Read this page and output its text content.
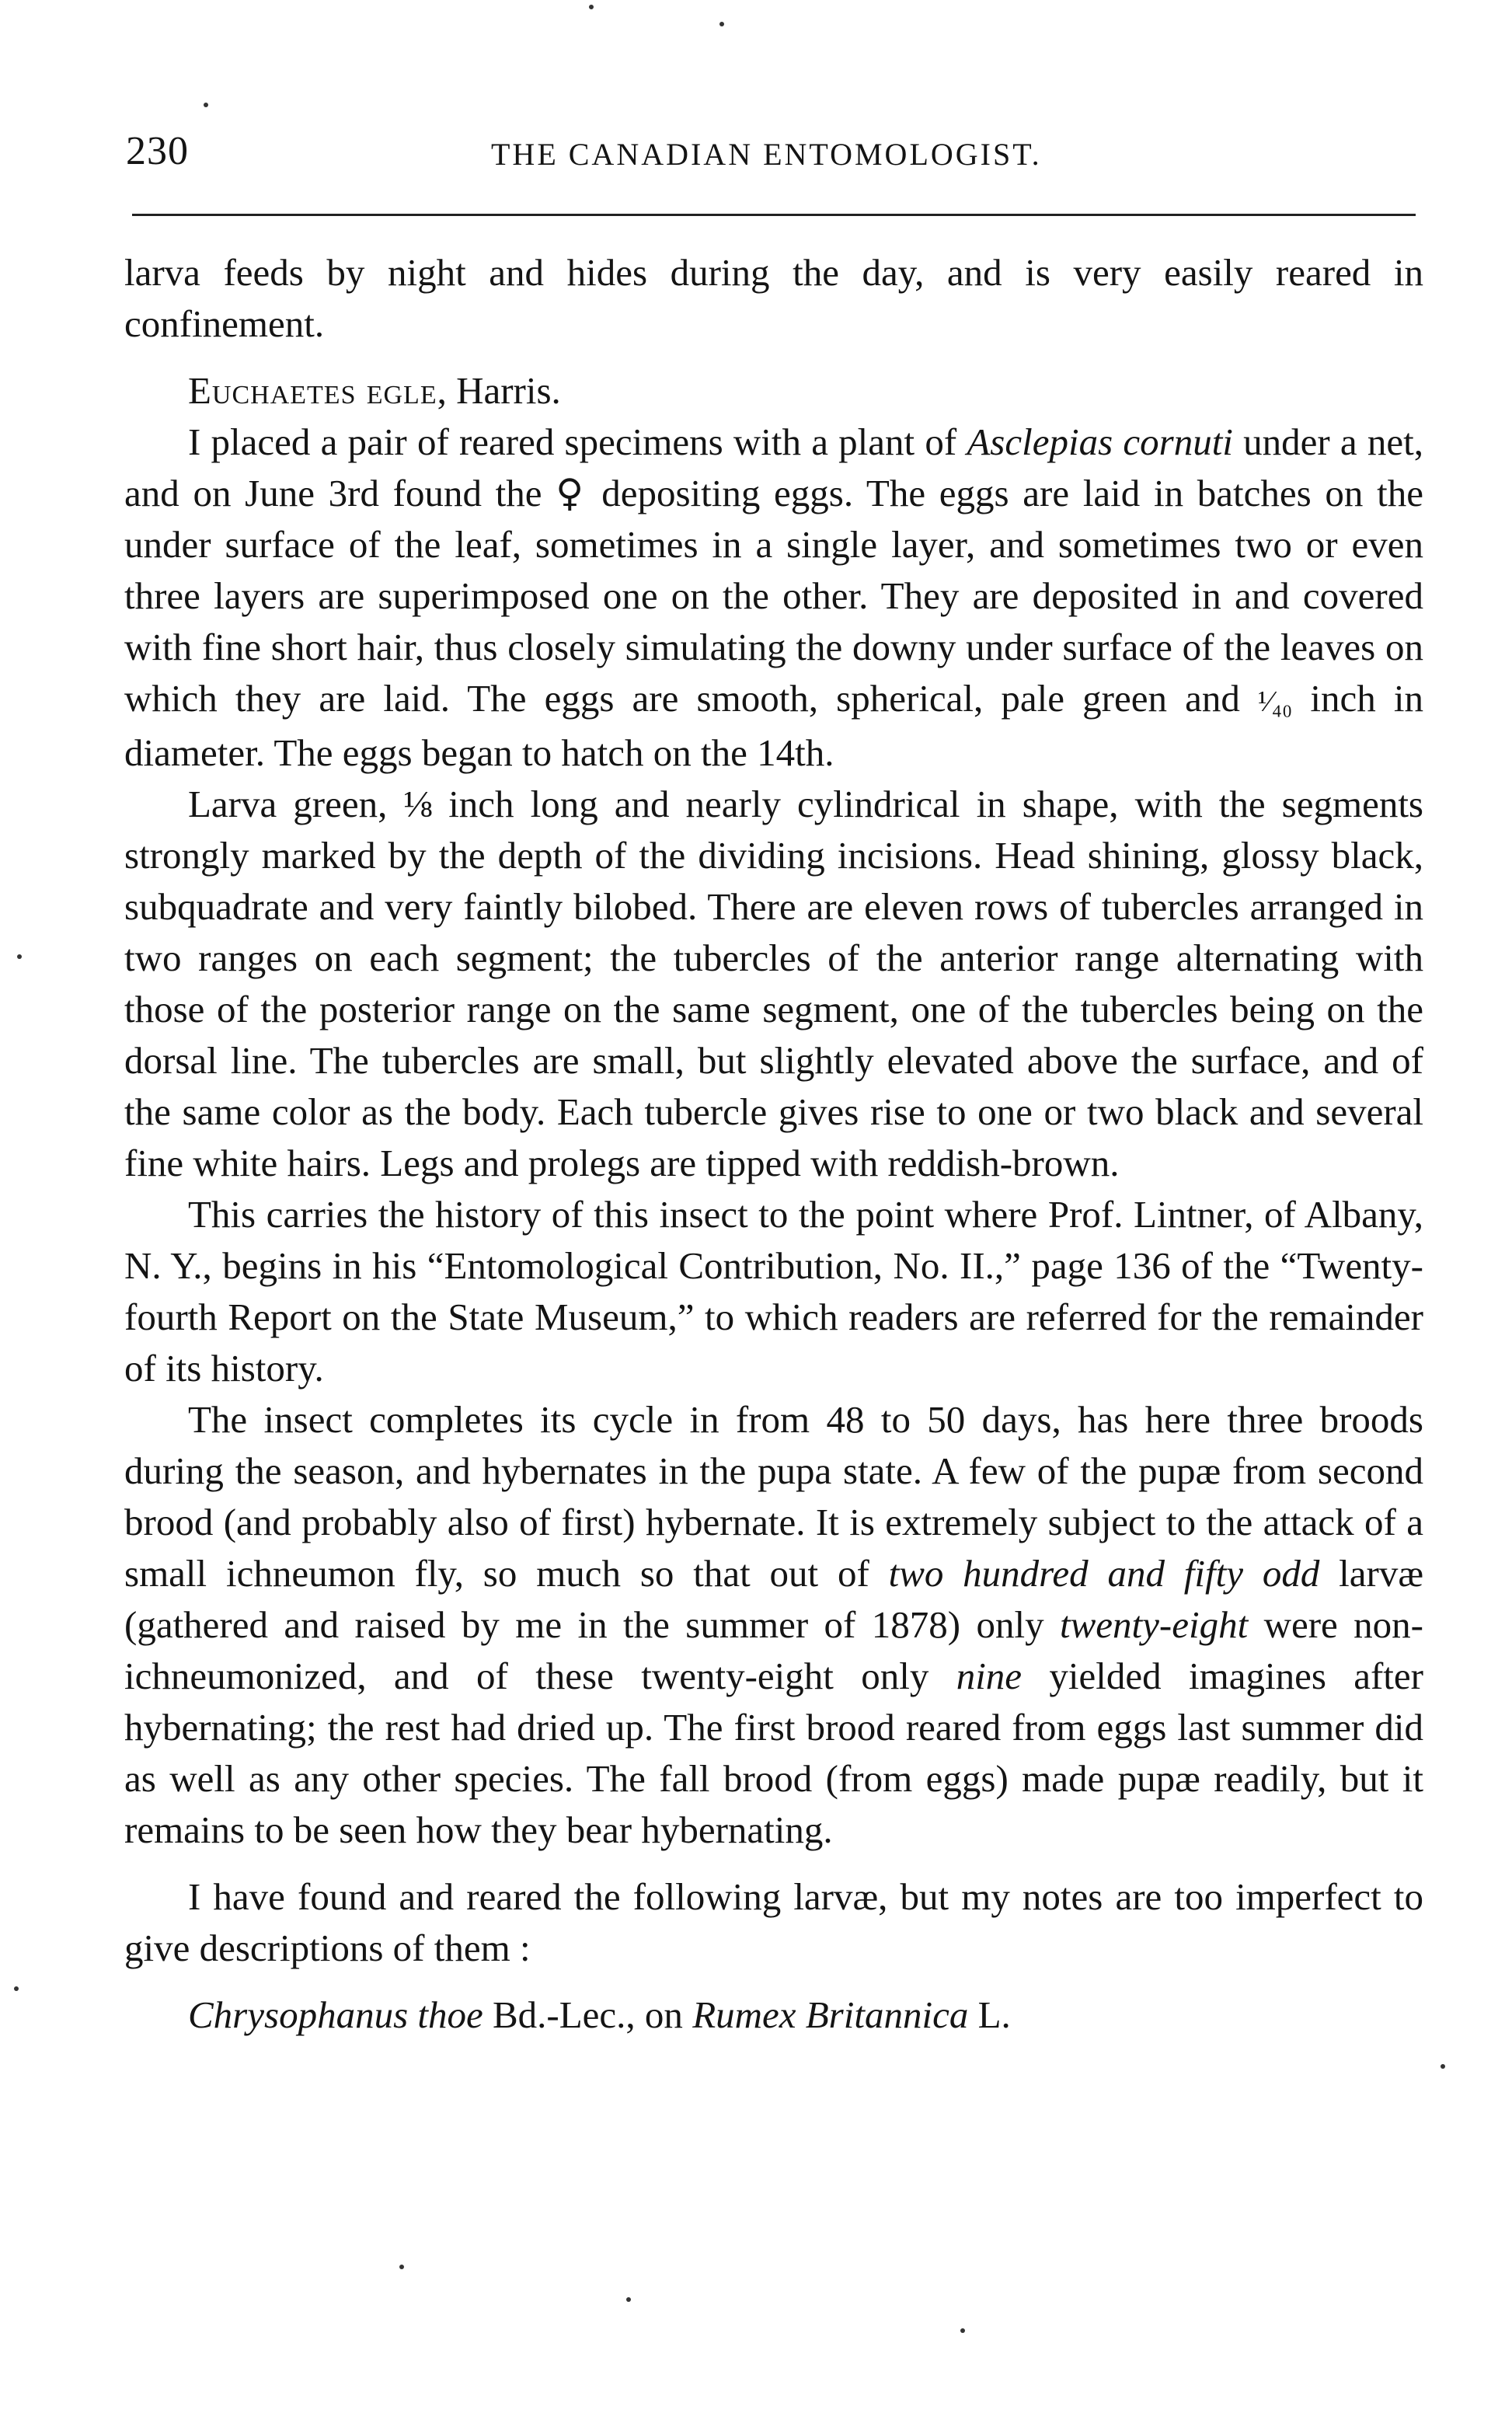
230	THE CANADIAN ENTOMOLOGIST.

larva feeds by night and hides during the day, and is very easily reared in confinement.

Euchaetes egle, Harris.

I placed a pair of reared specimens with a plant of Asclepias cornuti under a net, and on June 3rd found the ♀ depositing eggs. The eggs are laid in batches on the under surface of the leaf, sometimes in a single layer, and sometimes two or even three layers are superimposed one on the other. They are deposited in and covered with fine short hair, thus closely simulating the downy under surface of the leaves on which they are laid. The eggs are smooth, spherical, pale green and ¹⁄₄₀ inch in diameter. The eggs began to hatch on the 14th.

Larva green, ⅛ inch long and nearly cylindrical in shape, with the segments strongly marked by the depth of the dividing incisions. Head shining, glossy black, subquadrate and very faintly bilobed. There are eleven rows of tubercles arranged in two ranges on each segment; the tubercles of the anterior range alternating with those of the posterior range on the same segment, one of the tubercles being on the dorsal line. The tubercles are small, but slightly elevated above the surface, and of the same color as the body. Each tubercle gives rise to one or two black and several fine white hairs. Legs and prolegs are tipped with reddish-brown.

This carries the history of this insect to the point where Prof. Lintner, of Albany, N. Y., begins in his “Entomological Contribution, No. II.,” page 136 of the “Twenty-fourth Report on the State Museum,” to which readers are referred for the remainder of its history.

The insect completes its cycle in from 48 to 50 days, has here three broods during the season, and hybernates in the pupa state. A few of the pupæ from second brood (and probably also of first) hybernate. It is extremely subject to the attack of a small ichneumon fly, so much so that out of two hundred and fifty odd larvæ (gathered and raised by me in the summer of 1878) only twenty-eight were non-ichneumonized, and of these twenty-eight only nine yielded imagines after hybernating; the rest had dried up. The first brood reared from eggs last summer did as well as any other species. The fall brood (from eggs) made pupæ readily, but it remains to be seen how they bear hybernating.

I have found and reared the following larvæ, but my notes are too imperfect to give descriptions of them :

Chrysophanus thoe Bd.-Lec., on Rumex Britannica L.
